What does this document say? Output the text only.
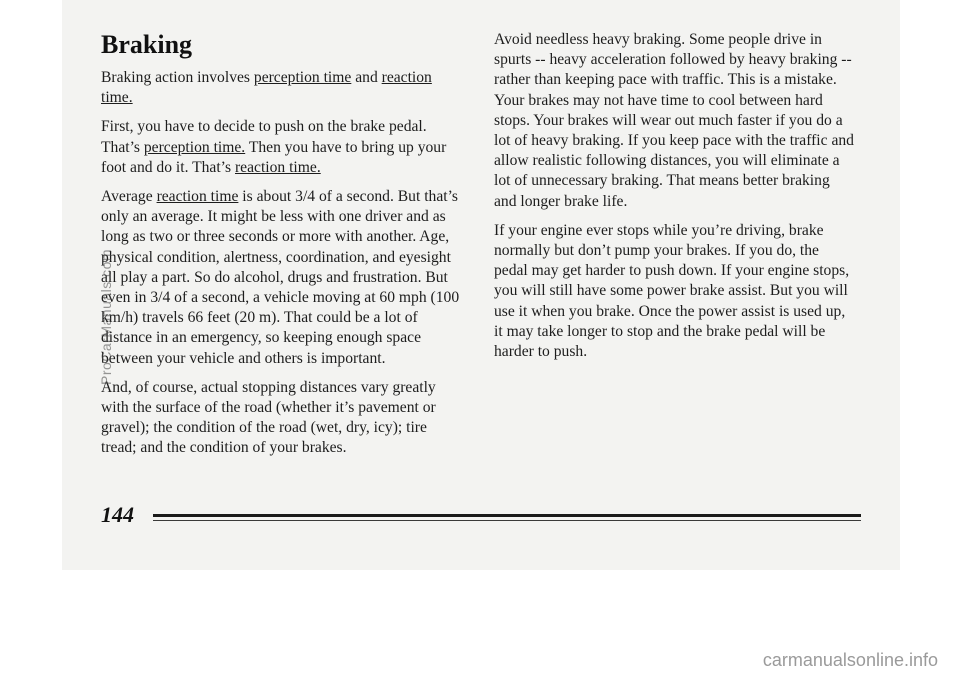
Braking

Braking action involves perception time and reaction time.

First, you have to decide to push on the brake pedal. That’s perception time. Then you have to bring up your foot and do it. That’s reaction time.

Average reaction time is about 3/4 of a second. But that’s only an average. It might be less with one driver and as long as two or three seconds or more with another. Age, physical condition, alertness, coordination, and eyesight all play a part. So do alcohol, drugs and frustration. But even in 3/4 of a second, a vehicle moving at 60 mph (100 km/h) travels 66 feet (20 m). That could be a lot of distance in an emergency, so keeping enough space between your vehicle and others is important.

And, of course, actual stopping distances vary greatly with the surface of the road (whether it’s pavement or gravel); the condition of the road (wet, dry, icy); tire tread; and the condition of your brakes.

Avoid needless heavy braking. Some people drive in spurts -- heavy acceleration followed by heavy braking -- rather than keeping pace with traffic. This is a mistake. Your brakes may not have time to cool between hard stops. Your brakes will wear out much faster if you do a lot of heavy braking. If you keep pace with the traffic and allow realistic following distances, you will eliminate a lot of unnecessary braking. That means better braking and longer brake life.

If your engine ever stops while you’re driving, brake normally but don’t pump your brakes. If you do, the pedal may get harder to push down. If your engine stops, you will still have some power brake assist. But you will use it when you brake. Once the power assist is used up, it may take longer to stop and the brake pedal will be harder to push.

144
ProCarManuals.com
carmanualsonline.info
